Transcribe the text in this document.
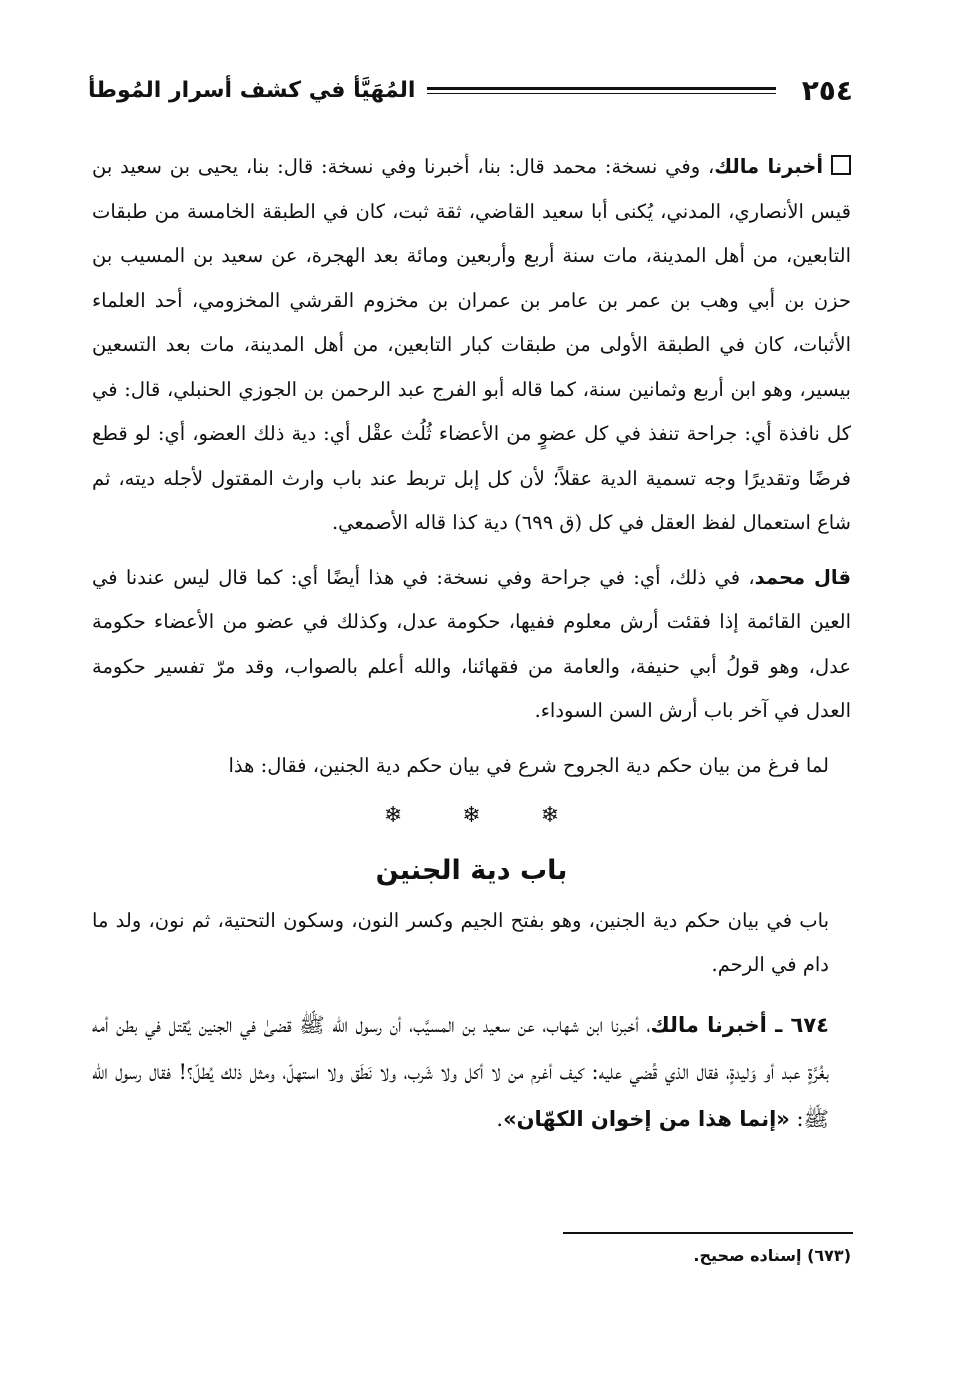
٢٥٤
المُهَيَّأ في كشف أسرار المُوطأ

أخبرنا مالك، وفي نسخة: محمد قال: بنا، أخبرنا وفي نسخة: قال: بنا، يحيى بن سعيد بن قيس الأنصاري، المدني، يُكنى أبا سعيد القاضي، ثقة ثبت، كان في الطبقة الخامسة من طبقات التابعين، من أهل المدينة، مات سنة أربع وأربعين ومائة بعد الهجرة، عن سعيد بن المسيب بن حزن بن أبي وهب بن عمر بن عامر بن عمران بن مخزوم القرشي المخزومي، أحد العلماء الأثبات، كان في الطبقة الأولى من طبقات كبار التابعين، من أهل المدينة، مات بعد التسعين بيسير، وهو ابن أربع وثمانين سنة، كما قاله أبو الفرج عبد الرحمن بن الجوزي الحنبلي، قال: في كل نافذة أي: جراحة تنفذ في كل عضوٍ من الأعضاء ثُلُث عقْل أي: دية ذلك العضو، أي: لو قطع فرضًا وتقديرًا وجه تسمية الدية عقلاً؛ لأن كل إبل تربط عند باب وارث المقتول لأجله ديته، ثم شاع استعمال لفظ العقل في كل (ق ٦٩٩) دية كذا قاله الأصمعي.

قال محمد، في ذلك، أي: في جراحة وفي نسخة: في هذا أيضًا أي: كما قال ليس عندنا في العين القائمة إذا فقئت أرش معلوم ففيها، حكومة عدل، وكذلك في عضو من الأعضاء حكومة عدل، وهو قولُ أبي حنيفة، والعامة من فقهائنا، والله أعلم بالصواب، وقد مرّ تفسير حكومة العدل في آخر باب أرش السن السوداء.

لما فرغ من بيان حكم دية الجروح شرع في بيان حكم دية الجنين، فقال: هذا

❄	❄	❄
باب دية الجنين

باب في بيان حكم دية الجنين، وهو بفتح الجيم وكسر النون، وسكون التحتية، ثم نون، ولد ما دام في الرحم.

٦٧٤ ـ أخبرنا مالك، أخبرنا ابن شهاب، عن سعيد بن المسيَّب، أن رسول الله ﷺ قضىٰ في الجنين يُقتل في بطن أمه بغُرَّةٍ عبد أو وَليدةٍ، فقال الذي قُضي عليه: كيف أغرم من لا أكل ولا شَرب، ولا نَطَق ولا استهلّ، ومثل ذلك يُطلّ؟! فقال رسول الله ﷺ: «إنما هذا من إخوان الكهّان».

(٦٧٣) إسناده صحيح.
